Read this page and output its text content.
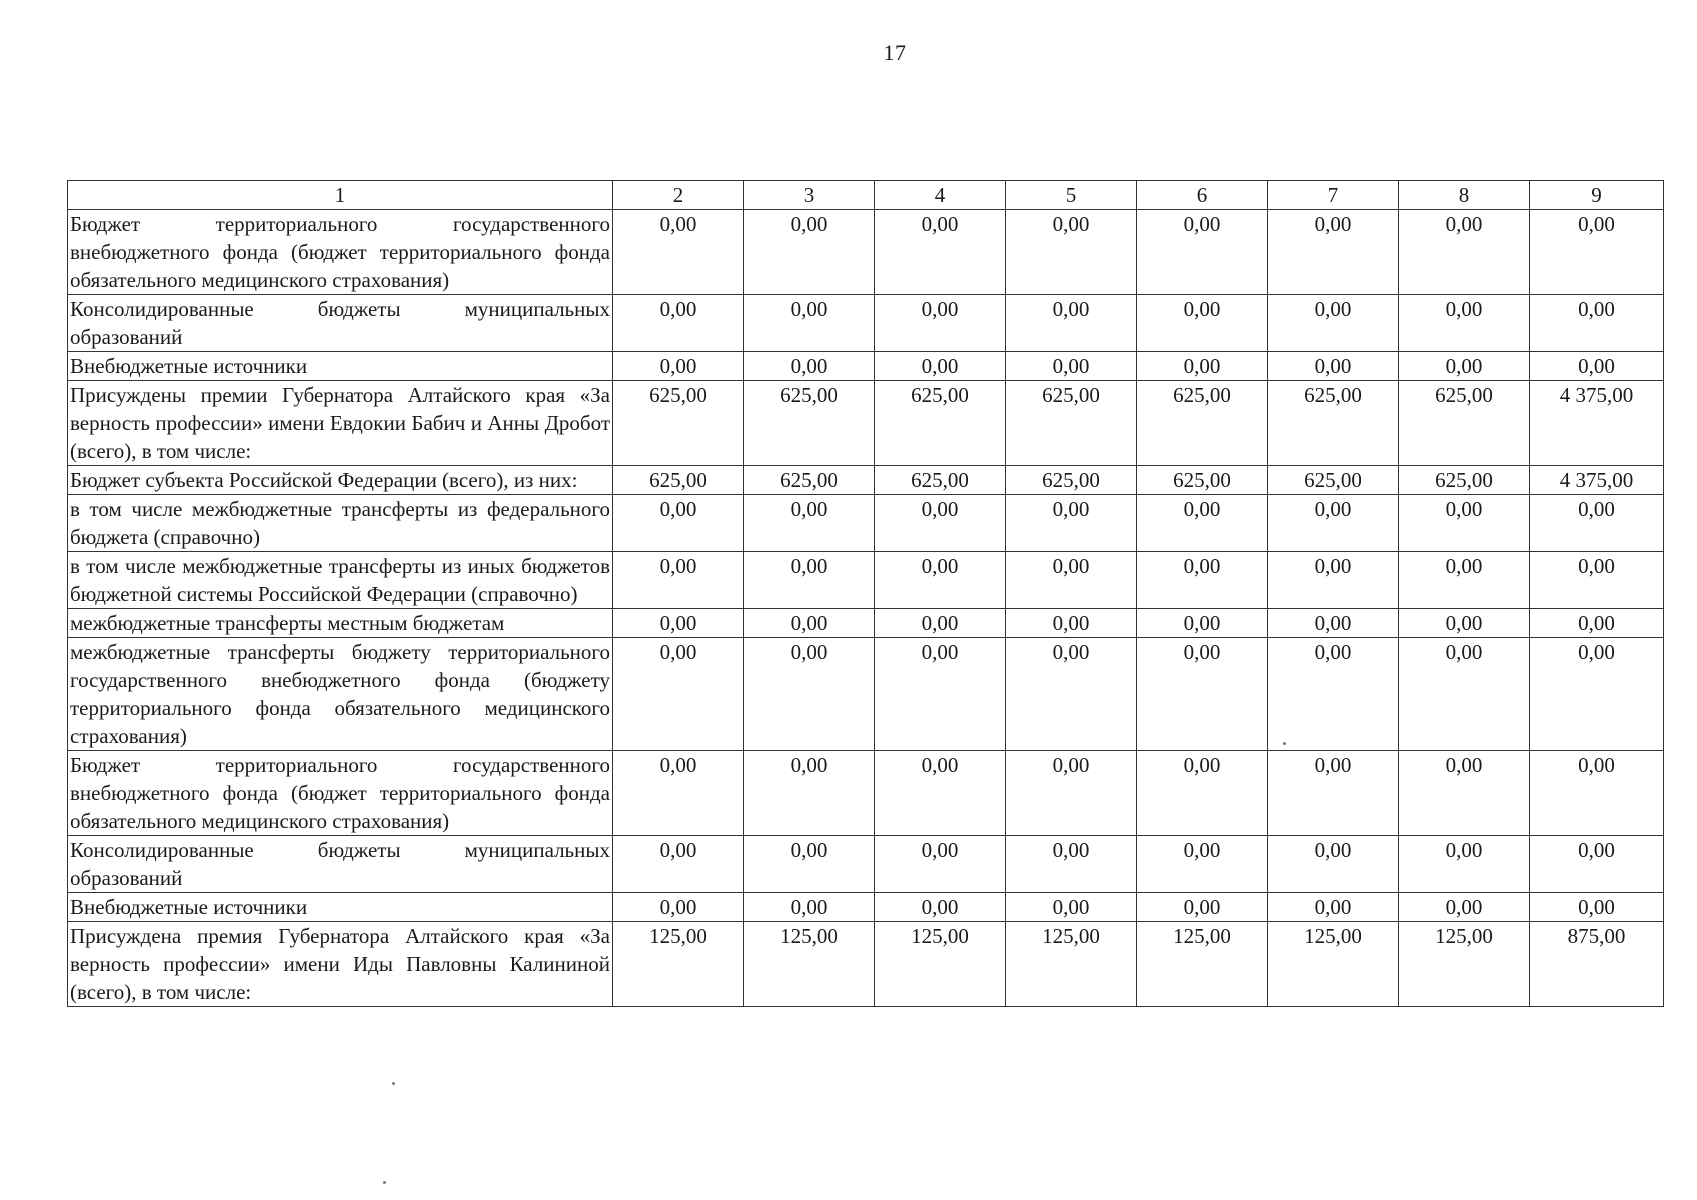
17
1	2	3	4	5	6	7	8	9
Бюджет территориального государственного внебюджетного фонда (бюджет территориального фонда обязательного медицинского страхования)	0,00	0,00	0,00	0,00	0,00	0,00	0,00	0,00
Консолидированные бюджеты муниципальных образований	0,00	0,00	0,00	0,00	0,00	0,00	0,00	0,00
Внебюджетные источники	0,00	0,00	0,00	0,00	0,00	0,00	0,00	0,00
Присуждены премии Губернатора Алтайского края «За верность профессии» имени Евдокии Бабич и Анны Дробот (всего), в том числе:	625,00	625,00	625,00	625,00	625,00	625,00	625,00	4 375,00
Бюджет субъекта Российской Федерации (всего), из них:	625,00	625,00	625,00	625,00	625,00	625,00	625,00	4 375,00
в том числе межбюджетные трансферты из федерального бюджета (справочно)	0,00	0,00	0,00	0,00	0,00	0,00	0,00	0,00
в том числе межбюджетные трансферты из иных бюджетов бюджетной системы Российской Федерации (справочно)	0,00	0,00	0,00	0,00	0,00	0,00	0,00	0,00
межбюджетные трансферты местным бюджетам	0,00	0,00	0,00	0,00	0,00	0,00	0,00	0,00
межбюджетные трансферты бюджету территориального государственного внебюджетного фонда (бюджету территориального фонда обязательного медицинского страхования)	0,00	0,00	0,00	0,00	0,00	0,00	0,00	0,00
Бюджет территориального государственного внебюджетного фонда (бюджет территориального фонда обязательного медицинского страхования)	0,00	0,00	0,00	0,00	0,00	0,00	0,00	0,00
Консолидированные бюджеты муниципальных образований	0,00	0,00	0,00	0,00	0,00	0,00	0,00	0,00
Внебюджетные источники	0,00	0,00	0,00	0,00	0,00	0,00	0,00	0,00
Присуждена премия Губернатора Алтайского края «За верность профессии» имени Иды Павловны Калининой (всего), в том числе:	125,00	125,00	125,00	125,00	125,00	125,00	125,00	875,00
